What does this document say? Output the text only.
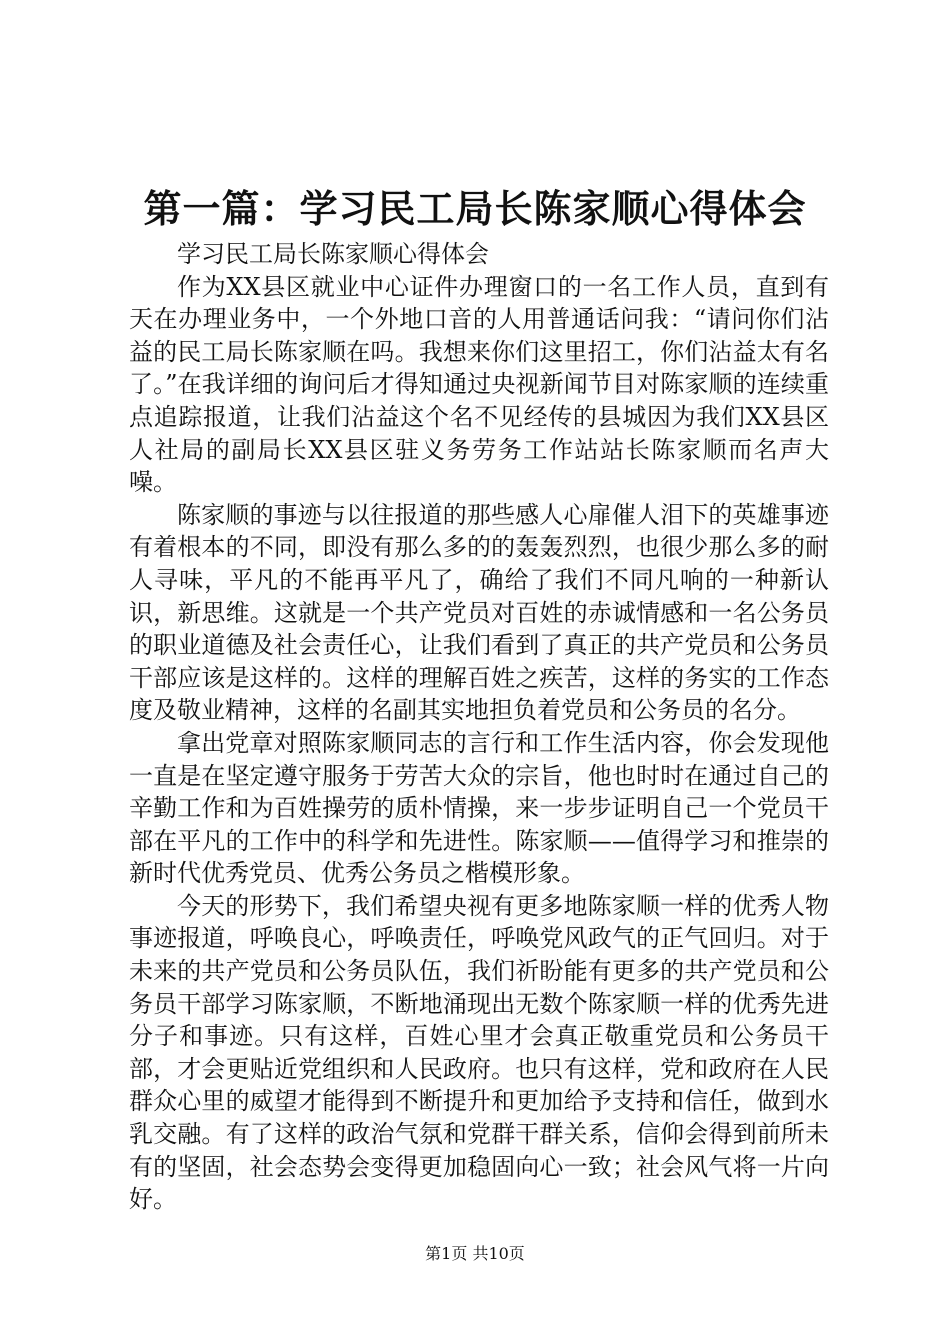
第一篇：学习民工局长陈家顺心得体会

学习民工局长陈家顺心得体会

作为XX县区就业中心证件办理窗口的一名工作人员，直到有天在办理业务中，一个外地口音的人用普通话问我：“请问你们沾益的民工局长陈家顺在吗。我想来你们这里招工，你们沾益太有名了。”在我详细的询问后才得知通过央视新闻节目对陈家顺的连续重点追踪报道，让我们沾益这个名不见经传的县城因为我们XX县区人社局的副局长XX县区驻义务劳务工作站站长陈家顺而名声大噪。

陈家顺的事迹与以往报道的那些感人心扉催人泪下的英雄事迹有着根本的不同，即没有那么多的的轰轰烈烈，也很少那么多的耐人寻味，平凡的不能再平凡了，确给了我们不同凡响的一种新认识，新思维。这就是一个共产党员对百姓的赤诚情感和一名公务员的职业道德及社会责任心，让我们看到了真正的共产党员和公务员干部应该是这样的。这样的理解百姓之疾苦，这样的务实的工作态度及敬业精神，这样的名副其实地担负着党员和公务员的名分。

拿出党章对照陈家顺同志的言行和工作生活内容，你会发现他一直是在坚定遵守服务于劳苦大众的宗旨，他也时时在通过自己的辛勤工作和为百姓操劳的质朴情操，来一步步证明自己一个党员干部在平凡的工作中的科学和先进性。陈家顺——值得学习和推崇的新时代优秀党员、优秀公务员之楷模形象。

今天的形势下，我们希望央视有更多地陈家顺一样的优秀人物事迹报道，呼唤良心，呼唤责任，呼唤党风政气的正气回归。对于未来的共产党员和公务员队伍，我们祈盼能有更多的共产党员和公务员干部学习陈家顺，不断地涌现出无数个陈家顺一样的优秀先进分子和事迹。只有这样，百姓心里才会真正敬重党员和公务员干部，才会更贴近党组织和人民政府。也只有这样，党和政府在人民群众心里的威望才能得到不断提升和更加给予支持和信任，做到水乳交融。有了这样的政治气氛和党群干群关系，信仰会得到前所未有的坚固，社会态势会变得更加稳固向心一致；社会风气将一片向好。

第1页 共10页
